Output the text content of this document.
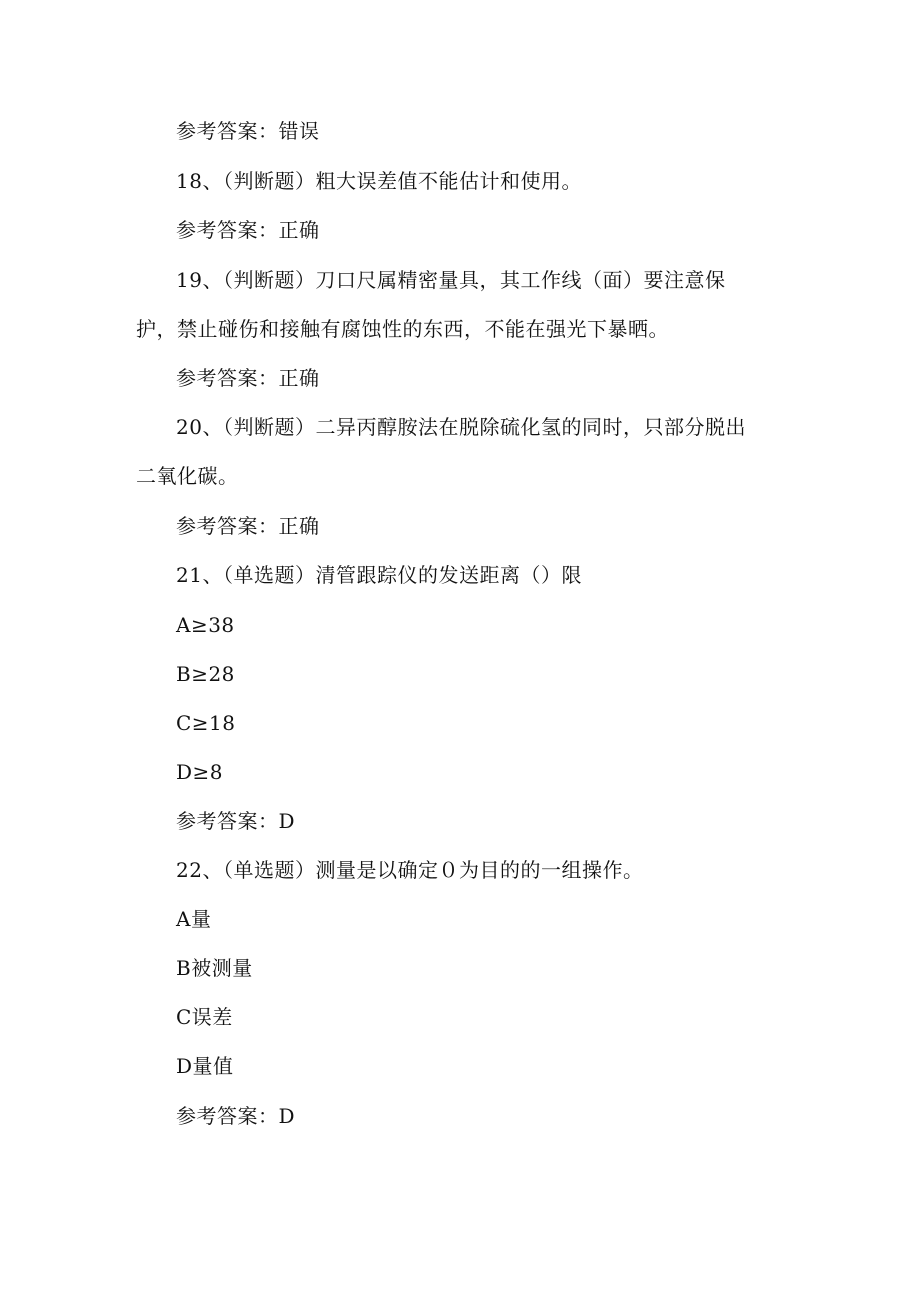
参考答案：错误
18、（判断题）粗大误差值不能估计和使用。
参考答案：正确
19、（判断题）刀口尺属精密量具，其工作线（面）要注意保
护，禁止碰伤和接触有腐蚀性的东西，不能在强光下暴晒。
参考答案：正确
20、（判断题）二异丙醇胺法在脱除硫化氢的同时，只部分脱出
二氧化碳。
参考答案：正确
21、（单选题）清管跟踪仪的发送距离（）限
A≥38
B≥28
C≥18
D≥8
参考答案：D
22、（单选题）测量是以确定０为目的的一组操作。
A量
B被测量
C误差
D量值
参考答案：D
